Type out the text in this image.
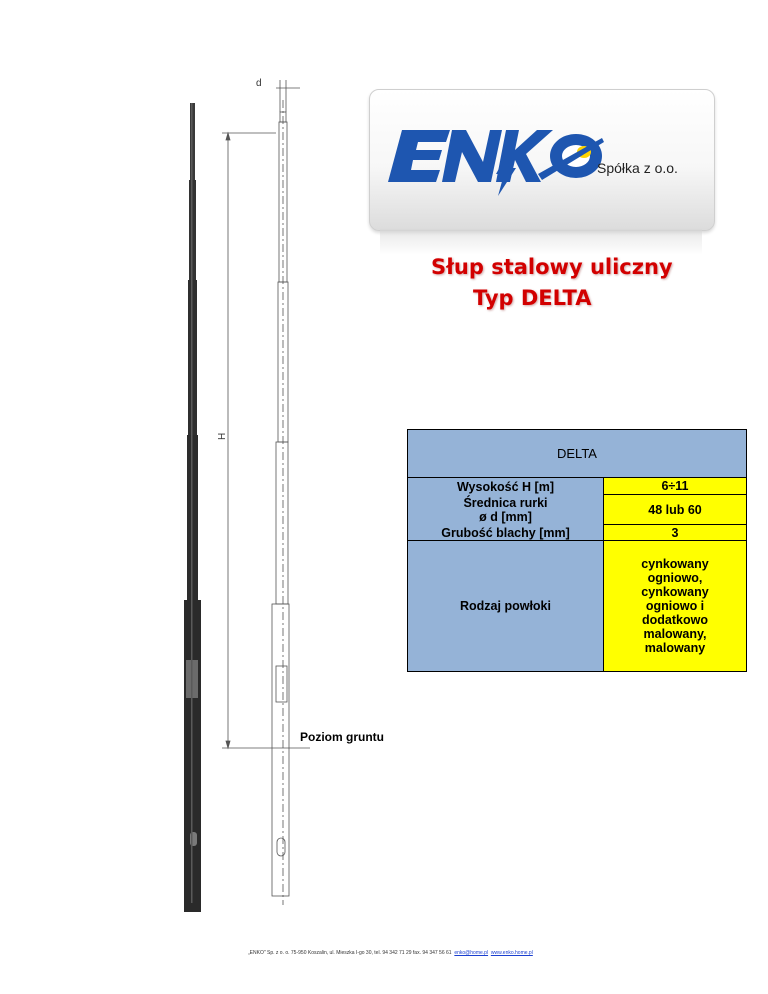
Spółka z o.o.
Słup stalowy uliczny
Typ DELTA
d
H
Poziom gruntu
DELTA
Wysokość H [m]	6÷11
Średnica rurki
ø d [mm]
48 lub 60
Grubość blachy [mm]	3
Rodzaj powłoki
cynkowany
ogniowo,
cynkowany
ogniowo i
dodatkowo
malowany,
malowany
„ENKO" Sp. z o. o. 75-950 Koszalin, ul. Mieszka I-go 30, tel. 94 342 71 29 fax. 94 347 56 61 enko@home.pl www.enko.home.pl
